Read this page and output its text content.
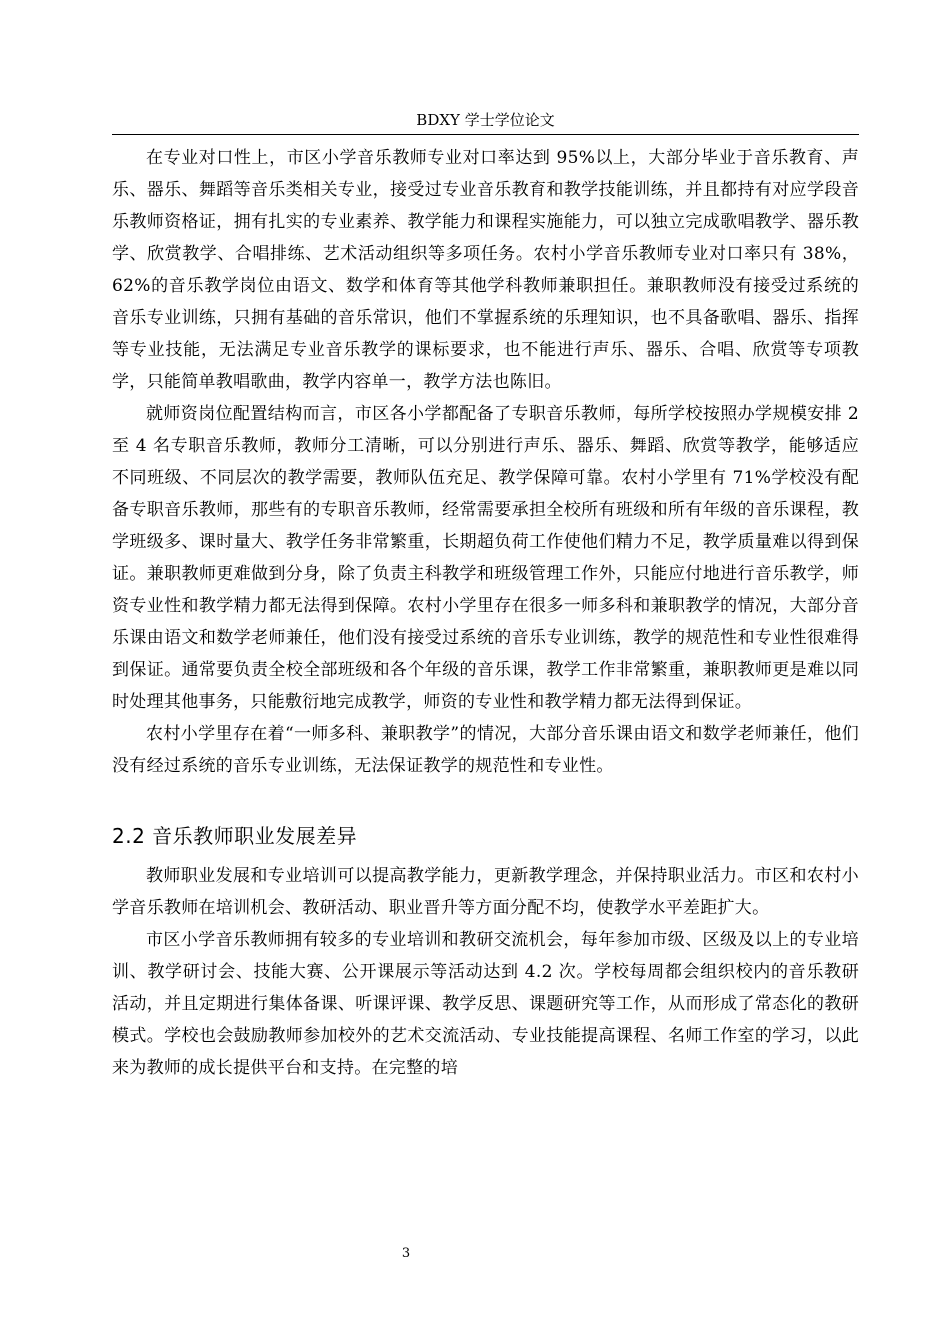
BDXY 学士学位论文

在专业对口性上，市区小学音乐教师专业对口率达到 95%以上，大部分毕业于音乐教育、声乐、器乐、舞蹈等音乐类相关专业，接受过专业音乐教育和教学技能训练，并且都持有对应学段音乐教师资格证，拥有扎实的专业素养、教学能力和课程实施能力，可以独立完成歌唱教学、器乐教学、欣赏教学、合唱排练、艺术活动组织等多项任务。农村小学音乐教师专业对口率只有 38%，62%的音乐教学岗位由语文、数学和体育等其他学科教师兼职担任。兼职教师没有接受过系统的音乐专业训练，只拥有基础的音乐常识，他们不掌握系统的乐理知识，也不具备歌唱、器乐、指挥等专业技能，无法满足专业音乐教学的课标要求，也不能进行声乐、器乐、合唱、欣赏等专项教学，只能简单教唱歌曲，教学内容单一，教学方法也陈旧。

就师资岗位配置结构而言，市区各小学都配备了专职音乐教师，每所学校按照办学规模安排 2 至 4 名专职音乐教师，教师分工清晰，可以分别进行声乐、器乐、舞蹈、欣赏等教学，能够适应不同班级、不同层次的教学需要，教师队伍充足、教学保障可靠。农村小学里有 71%学校没有配备专职音乐教师，那些有的专职音乐教师，经常需要承担全校所有班级和所有年级的音乐课程，教学班级多、课时量大、教学任务非常繁重，长期超负荷工作使他们精力不足，教学质量难以得到保证。兼职教师更难做到分身，除了负责主科教学和班级管理工作外，只能应付地进行音乐教学，师资专业性和教学精力都无法得到保障。农村小学里存在很多一师多科和兼职教学的情况，大部分音乐课由语文和数学老师兼任，他们没有接受过系统的音乐专业训练，教学的规范性和专业性很难得到保证。通常要负责全校全部班级和各个年级的音乐课，教学工作非常繁重，兼职教师更是难以同时处理其他事务，只能敷衍地完成教学，师资的专业性和教学精力都无法得到保证。

农村小学里存在着“一师多科、兼职教学”的情况，大部分音乐课由语文和数学老师兼任，他们没有经过系统的音乐专业训练，无法保证教学的规范性和专业性。

2.2 音乐教师职业发展差异

教师职业发展和专业培训可以提高教学能力，更新教学理念，并保持职业活力。市区和农村小学音乐教师在培训机会、教研活动、职业晋升等方面分配不均，使教学水平差距扩大。

市区小学音乐教师拥有较多的专业培训和教研交流机会，每年参加市级、区级及以上的专业培训、教学研讨会、技能大赛、公开课展示等活动达到 4.2 次。学校每周都会组织校内的音乐教研活动，并且定期进行集体备课、听课评课、教学反思、课题研究等工作，从而形成了常态化的教研模式。学校也会鼓励教师参加校外的艺术交流活动、专业技能提高课程、名师工作室的学习，以此来为教师的成长提供平台和支持。在完整的培

3
